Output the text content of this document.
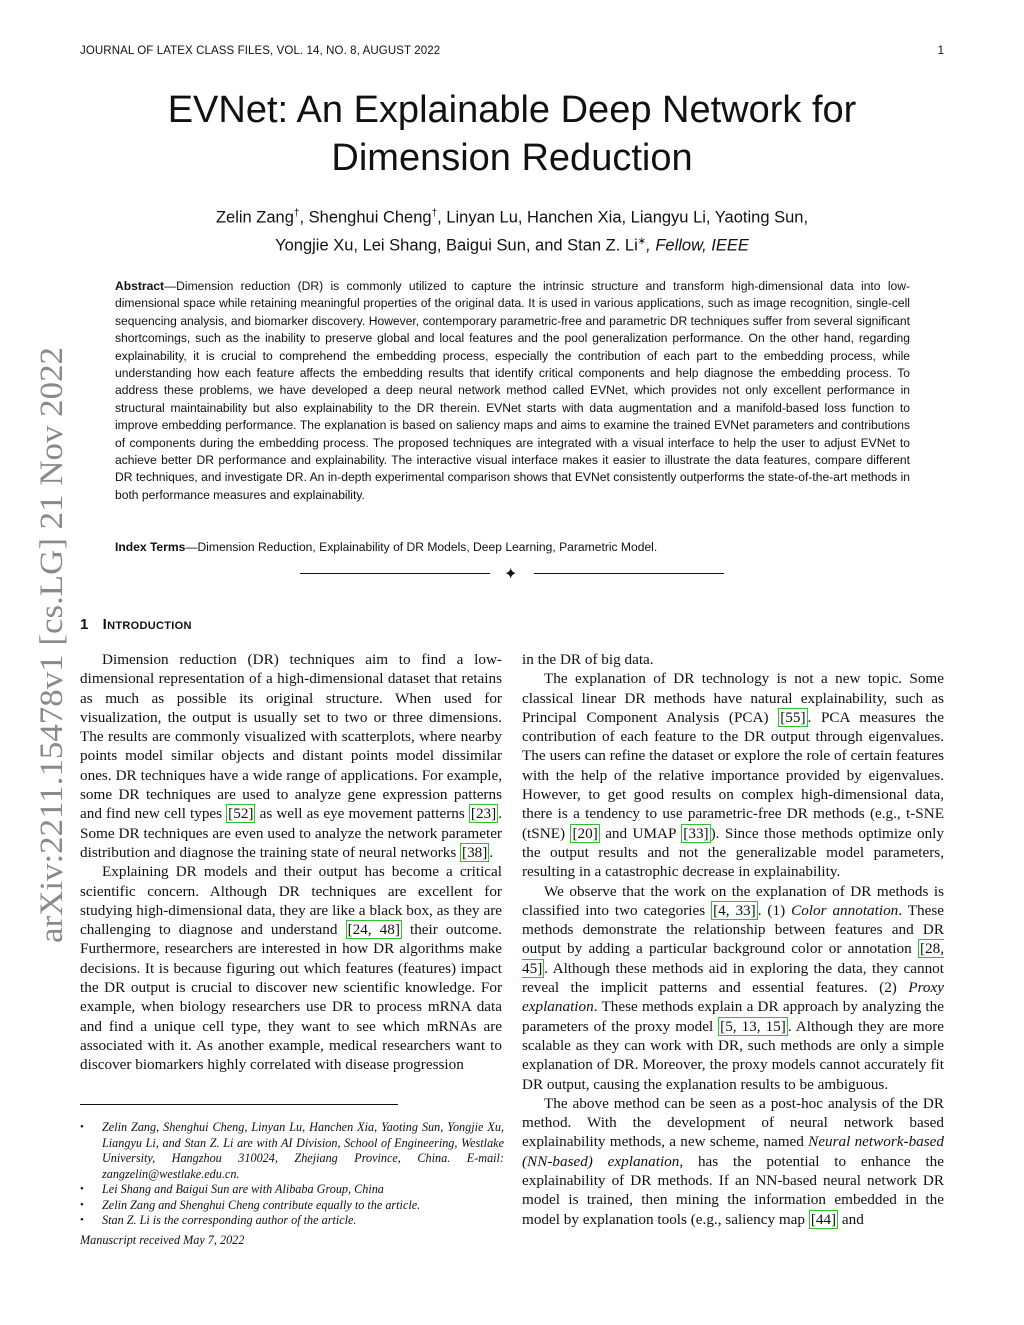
JOURNAL OF LATEX CLASS FILES, VOL. 14, NO. 8, AUGUST 2022	1
arXiv:2211.15478v1 [cs.LG] 21 Nov 2022
EVNet: An Explainable Deep Network for
Dimension Reduction
Zelin Zang†, Shenghui Cheng†, Linyan Lu, Hanchen Xia, Liangyu Li, Yaoting Sun,
Yongjie Xu, Lei Shang, Baigui Sun, and Stan Z. Li∗, Fellow, IEEE

Abstract—Dimension reduction (DR) is commonly utilized to capture the intrinsic structure and transform high-dimensional data into low-dimensional space while retaining meaningful properties of the original data. It is used in various applications, such as image recognition, single-cell sequencing analysis, and biomarker discovery. However, contemporary parametric-free and parametric DR techniques suffer from several significant shortcomings, such as the inability to preserve global and local features and the pool generalization performance. On the other hand, regarding explainability, it is crucial to comprehend the embedding process, especially the contribution of each part to the embedding process, while understanding how each feature affects the embedding results that identify critical components and help diagnose the embedding process. To address these problems, we have developed a deep neural network method called EVNet, which provides not only excellent performance in structural maintainability but also explainability to the DR therein. EVNet starts with data augmentation and a manifold-based loss function to improve embedding performance. The explanation is based on saliency maps and aims to examine the trained EVNet parameters and contributions of components during the embedding process. The proposed techniques are integrated with a visual interface to help the user to adjust EVNet to achieve better DR performance and explainability. The interactive visual interface makes it easier to illustrate the data features, compare different DR techniques, and investigate DR. An in-depth experimental comparison shows that EVNet consistently outperforms the state-of-the-art methods in both performance measures and explainability.

Index Terms—Dimension Reduction, Explainability of DR Models, Deep Learning, Parametric Model.

✦
1 Introduction

Dimension reduction (DR) techniques aim to find a low-dimensional representation of a high-dimensional dataset that retains as much as possible its original structure. When used for visualization, the output is usually set to two or three dimensions. The results are commonly visualized with scatterplots, where nearby points model similar objects and distant points model dissimilar ones. DR techniques have a wide range of applications. For example, some DR techniques are used to analyze gene expression patterns and find new cell types [52] as well as eye movement patterns [23] . Some DR techniques are even used to analyze the network parameter distribution and diagnose the training state of neural networks [38] .

Explaining DR models and their output has become a critical scientific concern. Although DR techniques are excellent for studying high-dimensional data, they are like a black box, as they are challenging to diagnose and understand [24, 48] their outcome. Furthermore, researchers are interested in how DR algorithms make decisions. It is because figuring out which features (features) impact the DR output is crucial to discover new scientific knowledge. For example, when biology researchers use DR to process mRNA data and find a unique cell type, they want to see which mRNAs are associated with it. As another example, medical researchers want to discover biomarkers highly correlated with disease progression

in the DR of big data.

The explanation of DR technology is not a new topic. Some classical linear DR methods have natural explainability, such as Principal Component Analysis (PCA) [55] . PCA measures the contribution of each feature to the DR output through eigenvalues. The users can refine the dataset or explore the role of certain features with the help of the relative importance provided by eigenvalues. However, to get good results on complex high-dimensional data, there is a tendency to use parametric-free DR methods (e.g., t-SNE (tSNE) [20] and UMAP [33] ). Since those methods optimize only the output results and not the generalizable model parameters, resulting in a catastrophic decrease in explainability.

We observe that the work on the explanation of DR methods is classified into two categories [4, 33] . (1) Color annotation. These methods demonstrate the relationship between features and DR output by adding a particular background color or annotation [28, 45] . Although these methods aid in exploring the data, they cannot reveal the implicit patterns and essential features. (2) Proxy explanation. These methods explain a DR approach by analyzing the parameters of the proxy model [5, 13, 15] . Although they are more scalable as they can work with DR, such methods are only a simple explanation of DR. Moreover, the proxy models cannot accurately fit DR output, causing the explanation results to be ambiguous.

The above method can be seen as a post-hoc analysis of the DR method. With the development of neural network based explainability methods, a new scheme, named Neural network-based (NN-based) explanation, has the potential to enhance the explainability of DR methods. If an NN-based neural network DR model is trained, then mining the information embedded in the model by explanation tools (e.g., saliency map [44] and

• Zelin Zang, Shenghui Cheng, Linyan Lu, Hanchen Xia, Yaoting Sun, Yongjie Xu, Liangyu Li, and Stan Z. Li are with AI Division, School of Engineering, Westlake University, Hangzhou 310024, Zhejiang Province, China. E-mail: zangzelin@westlake.edu.cn.
• Lei Shang and Baigui Sun are with Alibaba Group, China
• Zelin Zang and Shenghui Cheng contribute equally to the article.
• Stan Z. Li is the corresponding author of the article.
Manuscript received May 7, 2022
